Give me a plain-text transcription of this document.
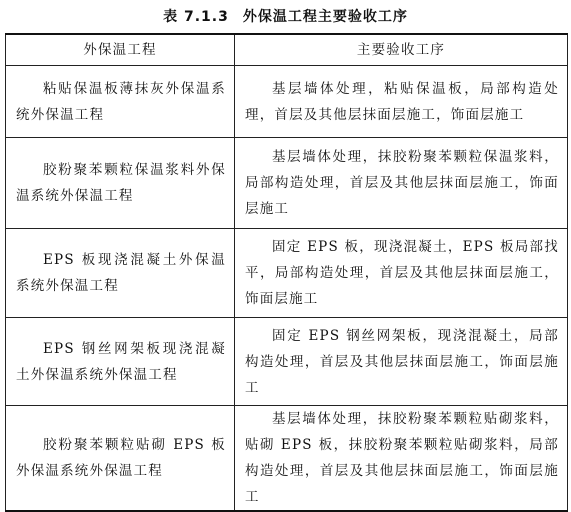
表 7.1.3 外保温工程主要验收工序
外保温工程	主要验收工序

粘贴保温板薄抹灰外保温系统外保温工程	基层墙体处理，粘贴保温板，局部构造处理，首层及其他层抹面层施工，饰面层施工

胶粉聚苯颗粒保温浆料外保温系统外保温工程	基层墙体处理，抹胶粉聚苯颗粒保温浆料，局部构造处理，首层及其他层抹面层施工，饰面层施工

EPS 板现浇混凝土外保温系统外保温工程	固定 EPS 板，现浇混凝土，EPS 板局部找平，局部构造处理，首层及其他层抹面层施工，饰面层施工

EPS 钢丝网架板现浇混凝土外保温系统外保温工程	固定 EPS 钢丝网架板，现浇混凝土，局部构造处理，首层及其他层抹面层施工，饰面层施工

胶粉聚苯颗粒贴砌 EPS 板外保温系统外保温工程	基层墙体处理，抹胶粉聚苯颗粒贴砌浆料，贴砌 EPS 板，抹胶粉聚苯颗粒贴砌浆料，局部构造处理，首层及其他层抹面层施工，饰面层施工
